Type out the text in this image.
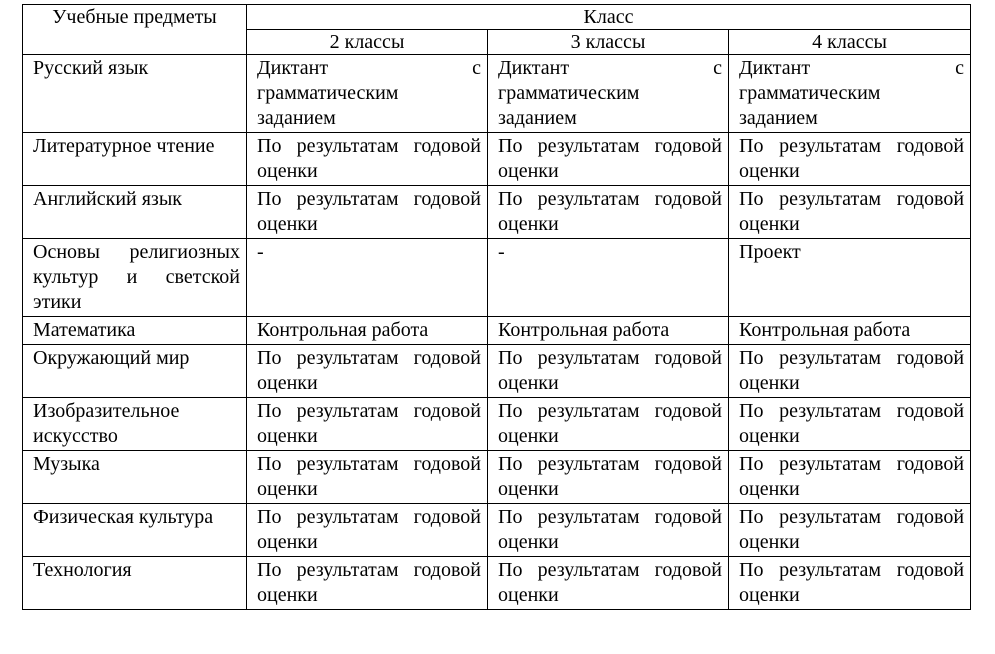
Учебные предметы	Класс		
	2 классы	3 классы	4 классы
Русский язык	Диктант с грамматическим заданием	Диктант с грамматическим заданием	Диктант с грамматическим заданием
Литературное чтение	По результатам годовой оценки	По результатам годовой оценки	По результатам годовой оценки
Английский язык	По результатам годовой оценки	По результатам годовой оценки	По результатам годовой оценки
Основы религиозных культур и светской этики	-	-	Проект
Математика	Контрольная работа	Контрольная работа	Контрольная работа
Окружающий мир	По результатам годовой оценки	По результатам годовой оценки	По результатам годовой оценки
Изобразительное искусство	По результатам годовой оценки	По результатам годовой оценки	По результатам годовой оценки
Музыка	По результатам годовой оценки	По результатам годовой оценки	По результатам годовой оценки
Физическая культура	По результатам годовой оценки	По результатам годовой оценки	По результатам годовой оценки
Технология	По результатам годовой оценки	По результатам годовой оценки	По результатам годовой оценки
